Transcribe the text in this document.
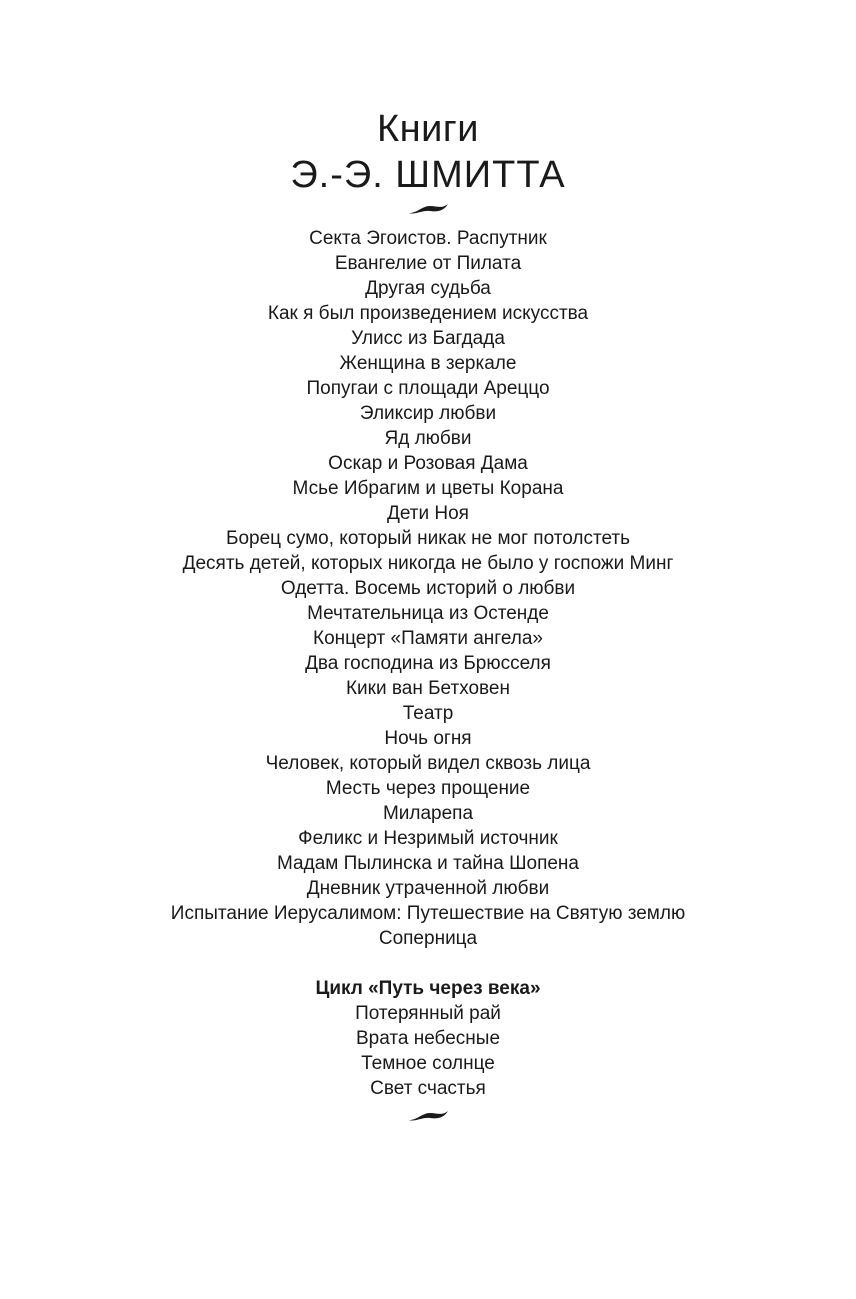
Книги
Э.-Э. ШМИТТА
Секта Эгоистов. Распутник
Евангелие от Пилата
Другая судьба
Как я был произведением искусства
Улисс из Багдада
Женщина в зеркале
Попугаи с площади Ареццо
Эликсир любви
Яд любви
Оскар и Розовая Дама
Мсье Ибрагим и цветы Корана
Дети Ноя
Борец сумо, который никак не мог потолстеть
Десять детей, которых никогда не было у госпожи Минг
Одетта. Восемь историй о любви
Мечтательница из Остенде
Концерт «Памяти ангела»
Два господина из Брюсселя
Кики ван Бетховен
Театр
Ночь огня
Человек, который видел сквозь лица
Месть через прощение
Миларепа
Феликс и Незримый источник
Мадам Пылинска и тайна Шопена
Дневник утраченной любви
Испытание Иерусалимом: Путешествие на Святую землю
Соперница
Цикл «Путь через века»
Потерянный рай
Врата небесные
Темное солнце
Свет счастья
